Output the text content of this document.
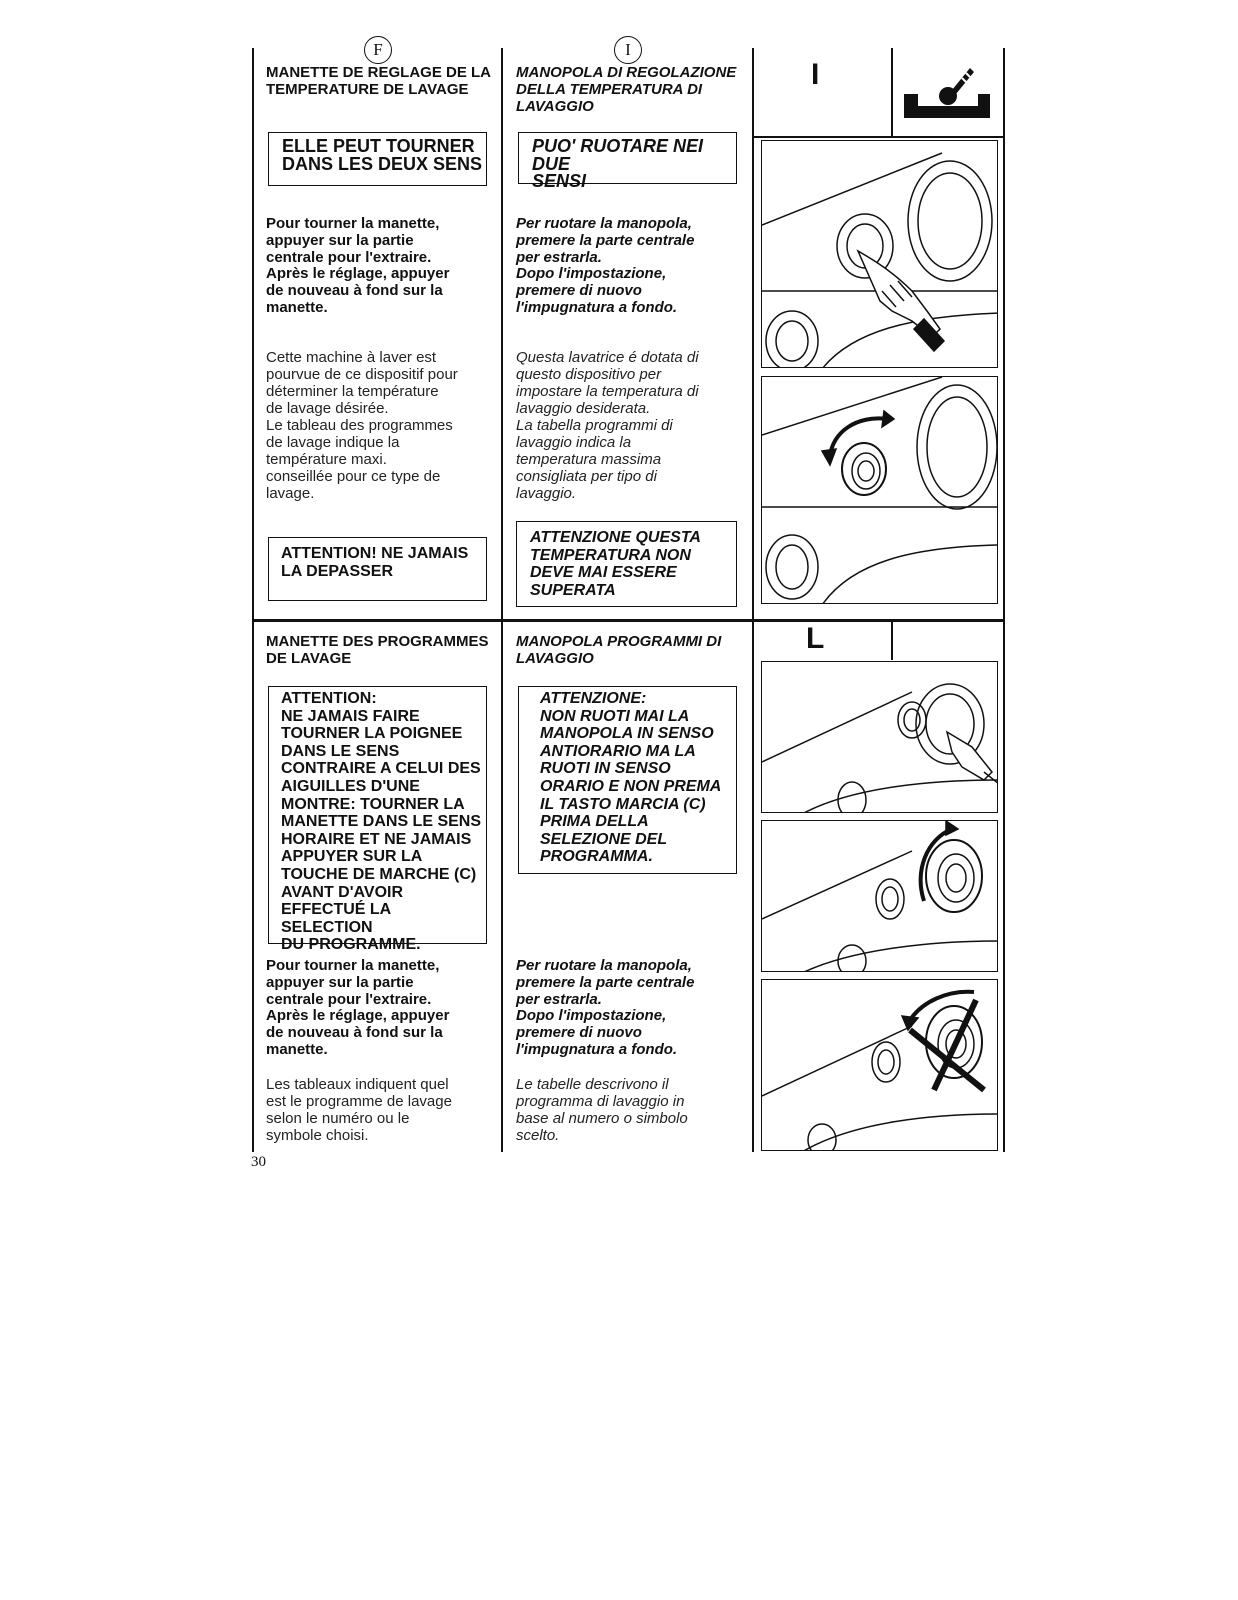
F	I
MANETTE DE REGLAGE DE LA
TEMPERATURE DE LAVAGE
ELLE PEUT TOURNER
DANS LES DEUX SENS
Pour tourner la manette,
appuyer sur la partie
centrale pour l'extraire.
Après le réglage, appuyer
de nouveau à fond sur la
manette.
Cette machine à laver est
pourvue de ce dispositif pour
déterminer la température
de lavage désirée.
Le tableau des programmes
de lavage indique la
température maxi.
conseillée pour ce type de
lavage.
ATTENTION! NE JAMAIS
LA DEPASSER
MANOPOLA DI REGOLAZIONE
DELLA TEMPERATURA DI
LAVAGGIO
PUO' RUOTARE NEI DUE
SENSI
Per ruotare la manopola,
premere la parte centrale
per estrarla.
Dopo l'impostazione,
premere di nuovo
l'impugnatura a fondo.
Questa lavatrice é dotata di
questo dispositivo per
impostare la temperatura di
lavaggio desiderata.
La tabella programmi di
lavaggio indica la
temperatura massima
consigliata per tipo di
lavaggio.
ATTENZIONE QUESTA
TEMPERATURA NON
DEVE MAI ESSERE
SUPERATA
MANETTE DES PROGRAMMES
DE LAVAGE
ATTENTION:
NE JAMAIS FAIRE
TOURNER LA POIGNEE
DANS LE SENS
CONTRAIRE A CELUI DES
AIGUILLES D'UNE
MONTRE: TOURNER LA
MANETTE DANS LE SENS
HORAIRE ET NE JAMAIS
APPUYER SUR LA
TOUCHE DE MARCHE (C)
AVANT D'AVOIR
EFFECTUÉ LA SELECTION
DU PROGRAMME.
Pour tourner la manette,
appuyer sur la partie
centrale pour l'extraire.
Après le réglage, appuyer
de nouveau à fond sur la
manette.
Les tableaux indiquent quel
est le programme de lavage
selon le numéro ou le
symbole choisi.
MANOPOLA PROGRAMMI DI
LAVAGGIO
ATTENZIONE:
NON RUOTI MAI LA
MANOPOLA IN SENSO
ANTIORARIO MA LA
RUOTI IN SENSO
ORARIO E NON PREMA
IL TASTO MARCIA (C)
PRIMA DELLA
SELEZIONE DEL
PROGRAMMA.
Per ruotare la manopola,
premere la parte centrale
per estrarla.
Dopo l'impostazione,
premere di nuovo
l'impugnatura a fondo.
Le tabelle descrivono il
programma di lavaggio in
base al numero o simbolo
scelto.
I
L
30
